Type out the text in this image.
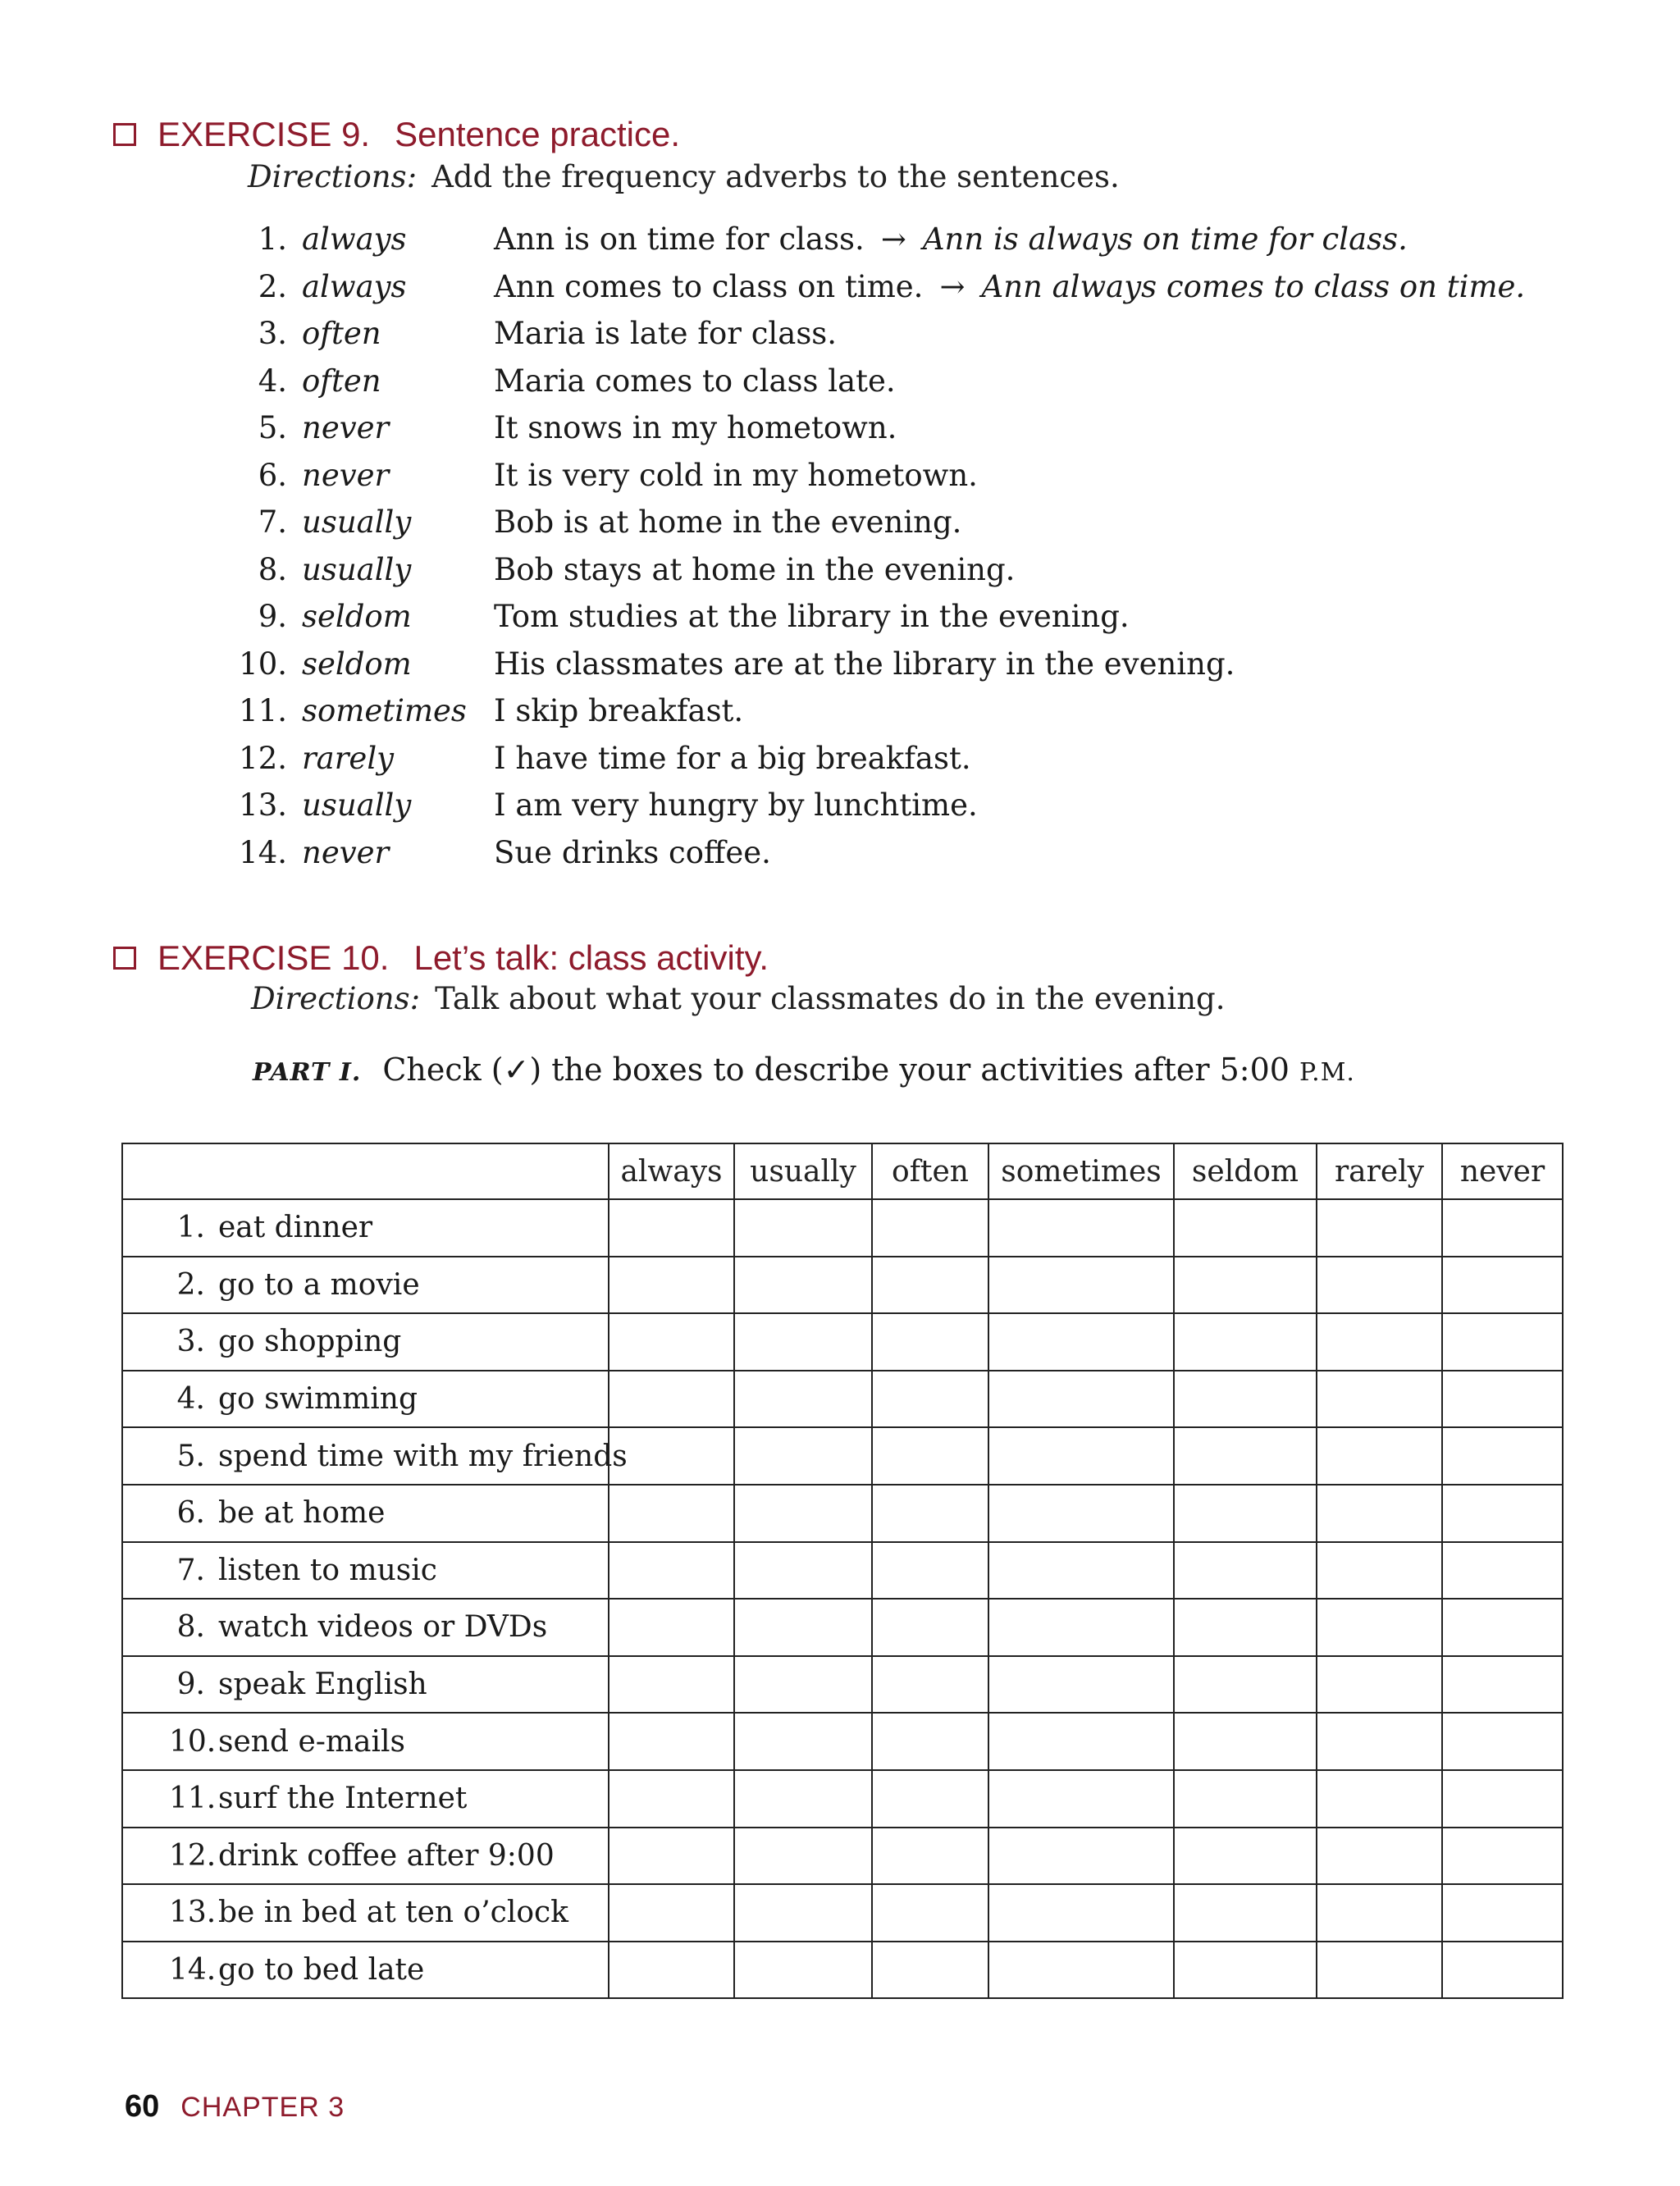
EXERCISE 9. Sentence practice.
Directions: Add the frequency adverbs to the sentences.
1. always	Ann is on time for class. → Ann is always on time for class.
2. always	Ann comes to class on time. → Ann always comes to class on time.
3. often	Maria is late for class.
4. often	Maria comes to class late.
5. never	It snows in my hometown.
6. never	It is very cold in my hometown.
7. usually	Bob is at home in the evening.
8. usually	Bob stays at home in the evening.
9. seldom	Tom studies at the library in the evening.
10. seldom	His classmates are at the library in the evening.
11. sometimes I skip breakfast.
12. rarely	I have time for a big breakfast.
13. usually	I am very hungry by lunchtime.
14. never	Sue drinks coffee.
EXERCISE 10. Let’s talk: class activity.
Directions: Talk about what your classmates do in the evening.
PART I. Check (✓) the boxes to describe your activities after 5:00 P.M.
	always	usually	often	sometimes	seldom	rarely	never
1. eat dinner							
2. go to a movie							
3. go shopping							
4. go swimming							
5. spend time with my friends							
6. be at home							
7. listen to music							
8. watch videos or DVDs							
9. speak English							
10.send e-mails							
11.surf the Internet							
12.drink coffee after 9:00							
13.be in bed at ten o’clock							
14.go to bed late							
60 CHAPTER 3
